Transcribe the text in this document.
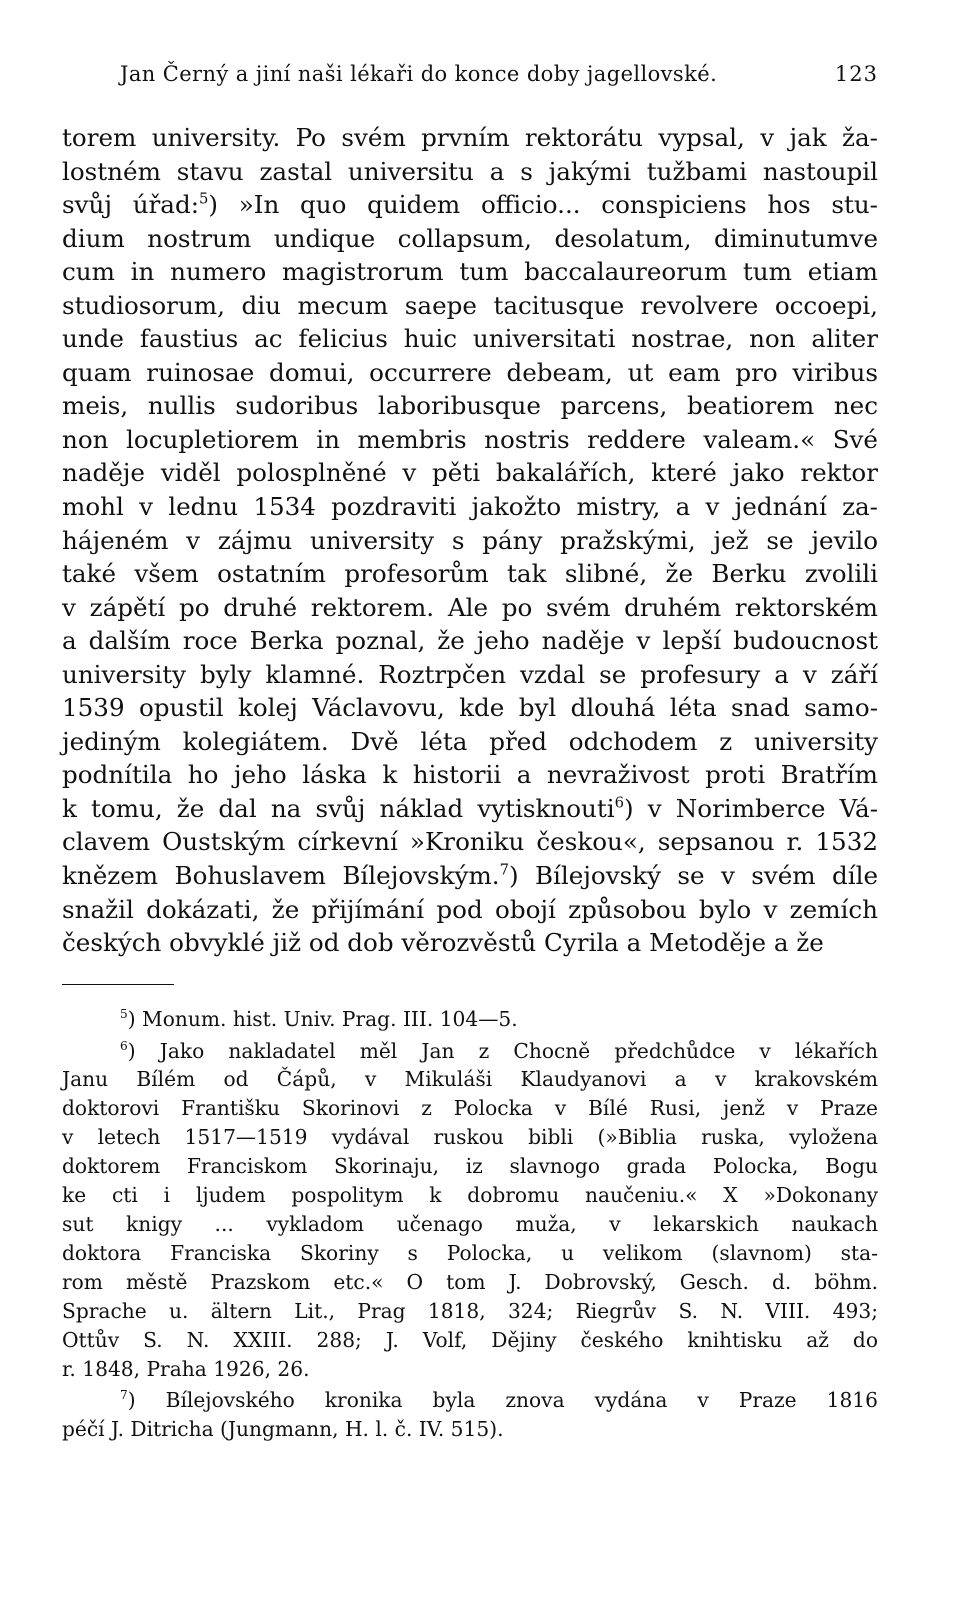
Jan Černý a jiní naši lékaři do konce doby jagellovské.	123
torem university. Po svém prvním rektorátu vypsal, v jak ža-
lostném stavu zastal universitu a s jakými tužbami nastoupil
svůj úřad:$^5$) »In quo quidem officio... conspiciens hos stu-
dium nostrum undique collapsum, desolatum, diminutumve
cum in numero magistrorum tum baccalaureorum tum etiam
studiosorum, diu mecum saepe tacitusque revolvere occoepi,
unde faustius ac felicius huic universitati nostrae, non aliter
quam ruinosae domui, occurrere debeam, ut eam pro viribus
meis, nullis sudoribus laboribusque parcens, beatiorem nec
non locupletiorem in membris nostris reddere valeam.« Své
naděje viděl polosplněné v pěti bakalářích, které jako rektor
mohl v lednu 1534 pozdraviti jakožto mistry, a v jednání za-
hájeném v zájmu university s pány pražskými, jež se jevilo
také všem ostatním profesorům tak slibné, že Berku zvolili
v zápětí po druhé rektorem. Ale po svém druhém rektorském
a dalším roce Berka poznal, že jeho naděje v lepší budoucnost
university byly klamné. Roztrpčen vzdal se profesury a v září
1539 opustil kolej Václavovu, kde byl dlouhá léta snad samo-
jediným kolegiátem. Dvě léta před odchodem z university
podnítila ho jeho láska k historii a nevraživost proti Bratřím
k tomu, že dal na svůj náklad vytisknouti$^6$) v Norimberce Vá-
clavem Oustským církevní »Kroniku českou«, sepsanou r. 1532
knězem Bohuslavem Bílejovským.$^7$) Bílejovský se v svém díle
snažil dokázati, že přijímání pod obojí způsobou bylo v zemích
českých obvyklé již od dob věrozvěstů Cyrila a Metoděje a že
$^5$) Monum. hist. Univ. Prag. III. 104—5.
$^6$) Jako nakladatel měl Jan z Chocně předchůdce v lékařích
Janu Bílém od Čápů, v Mikuláši Klaudyanovi a v krakovském
doktorovi Františku Skorinovi z Polocka v Bílé Rusi, jenž v Praze
v letech 1517—1519 vydával ruskou bibli (»Biblia ruska, vyložena
doktorem Franciskom Skorinaju, iz slavnogo grada Polocka, Bogu
ke cti i ljudem pospolitym k dobromu naučeniu.« X »Dokonany
sut knigy ... vykladom učenago muža, v lekarskich naukach
doktora Franciska Skoriny s Polocka, u velikom (slavnom) sta-
rom městě Prazskom etc.« O tom J. Dobrovský, Gesch. d. böhm.
Sprache u. ältern Lit., Prag 1818, 324; Riegrův S. N. VIII. 493;
Ottův S. N. XXIII. 288; J. Volf, Dějiny českého knihtisku až do
r. 1848, Praha 1926, 26.
$^7$) Bílejovského kronika byla znova vydána v Praze 1816
péčí J. Ditricha (Jungmann, H. l. č. IV. 515).
